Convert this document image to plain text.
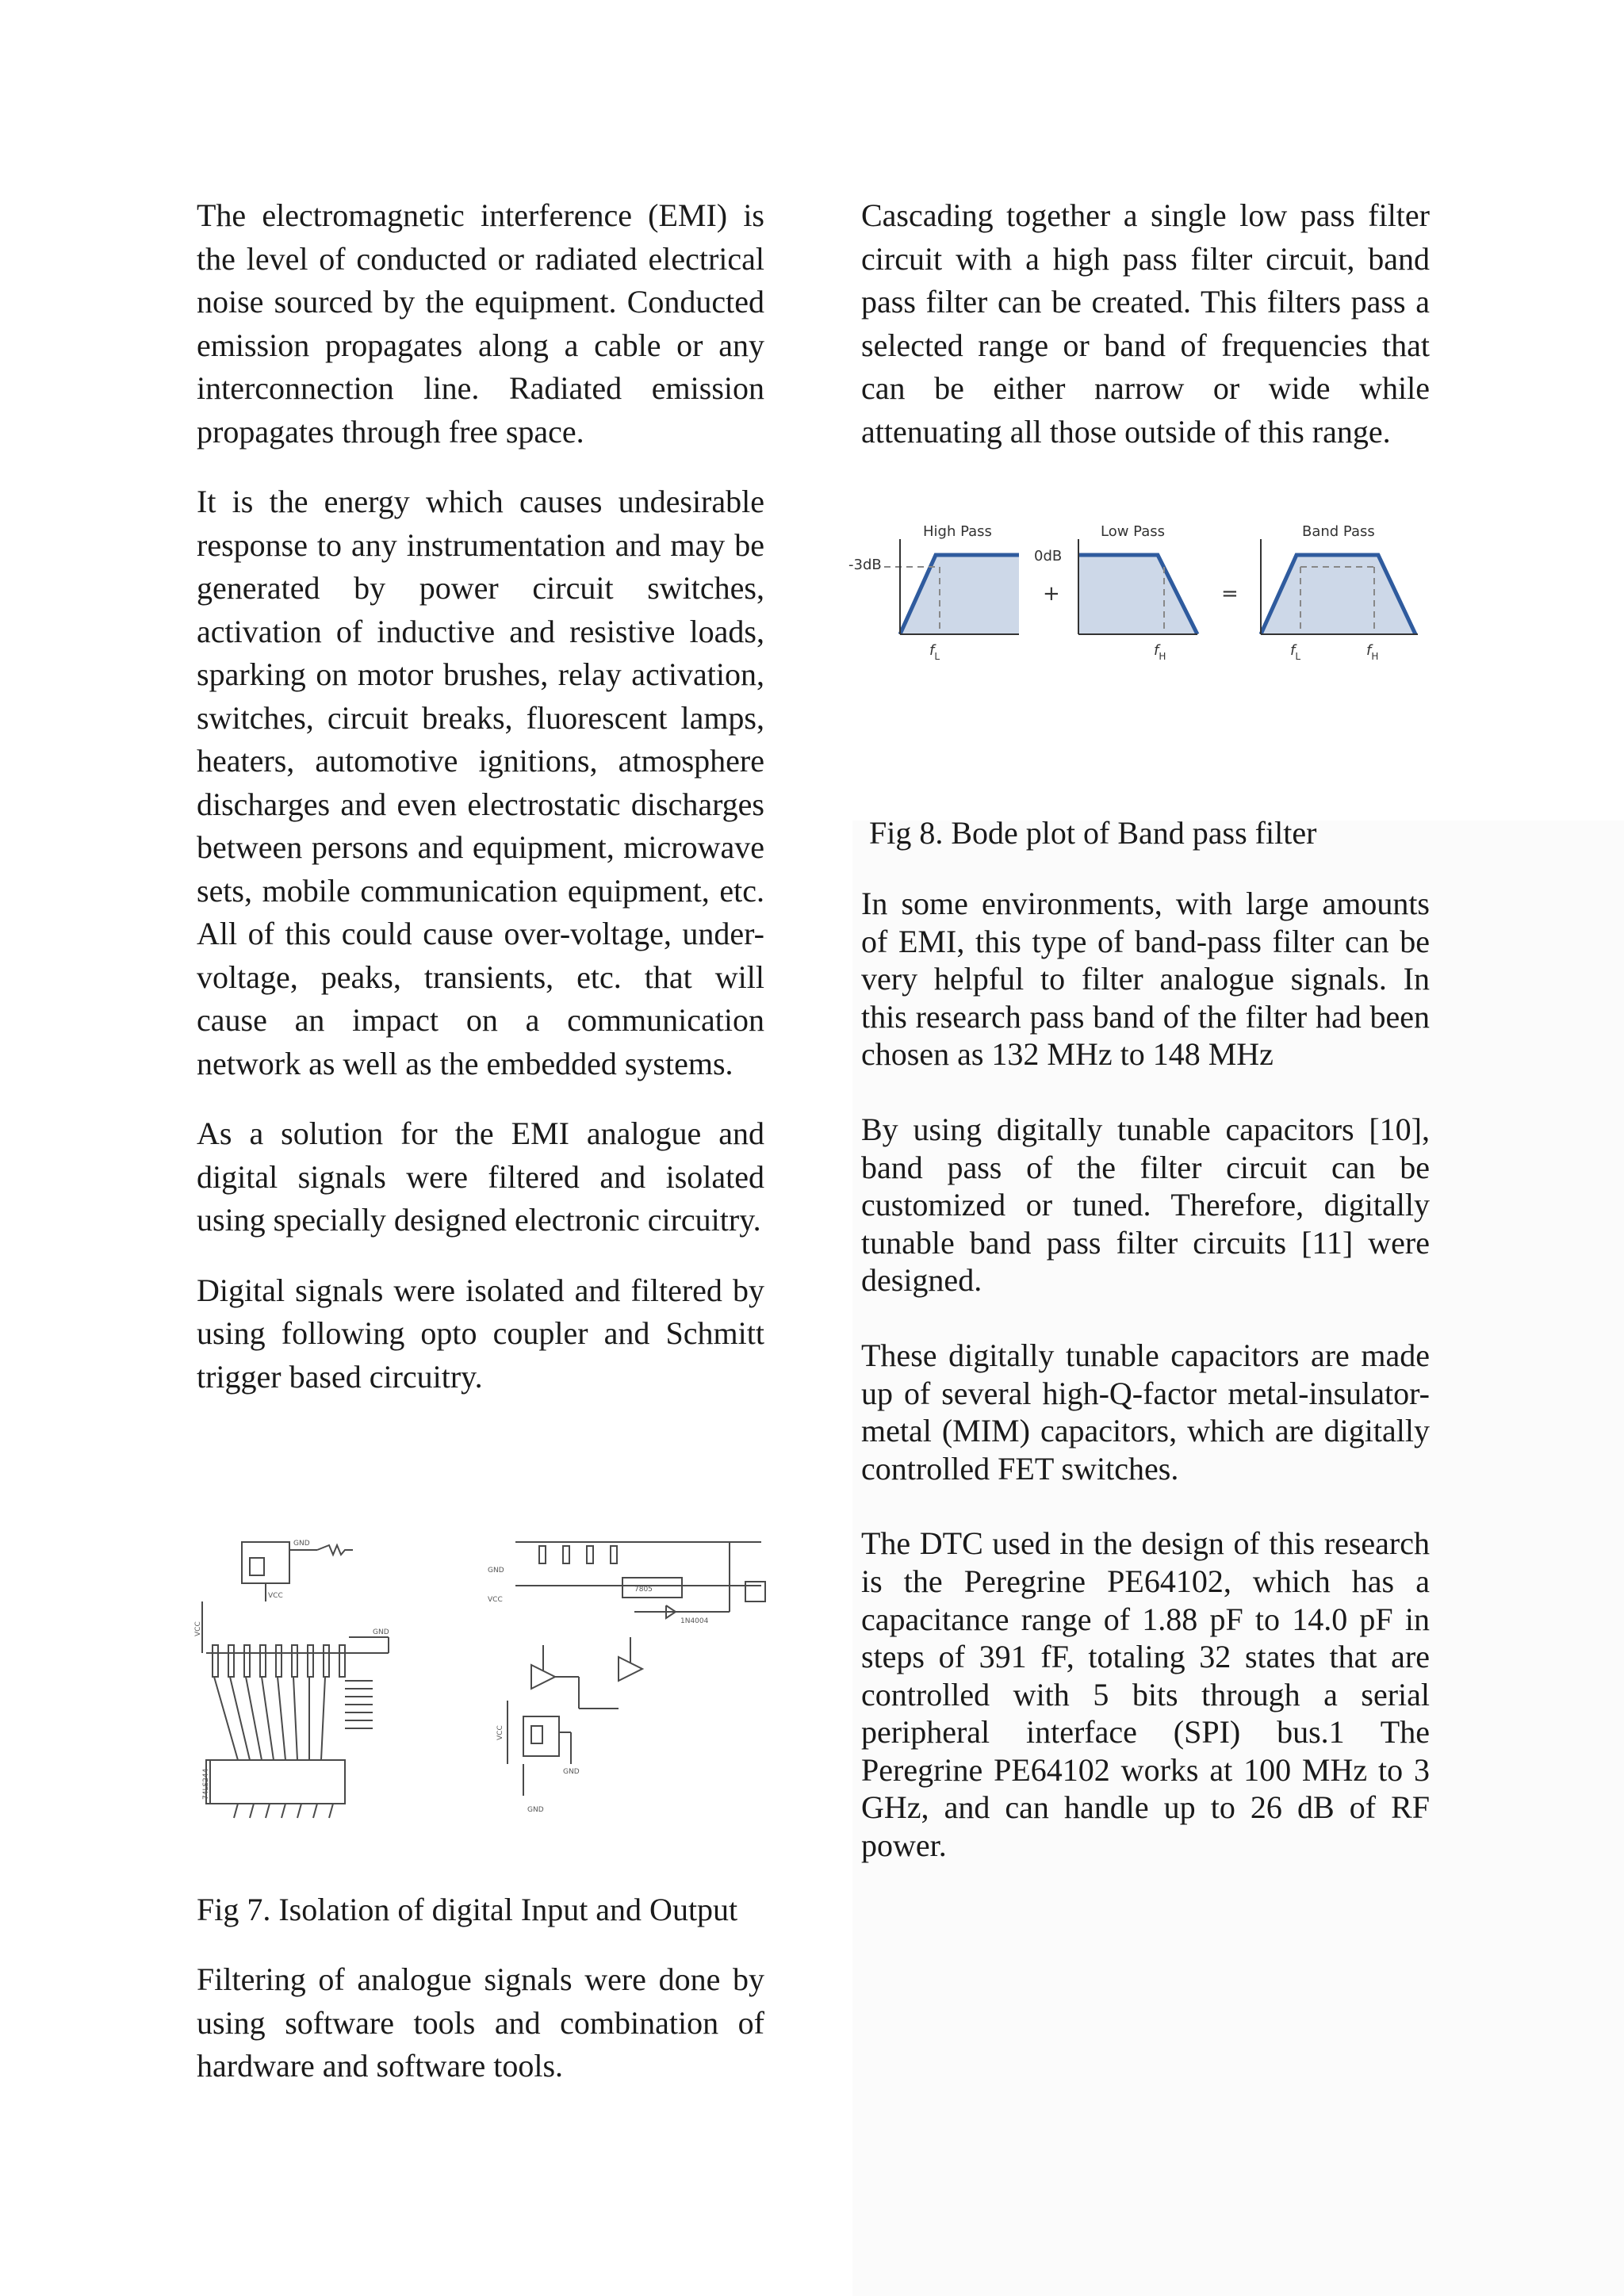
The electromagnetic interference (EMI) is the level of conducted or radiated electrical noise sourced by the equipment. Conducted emission propagates along a cable or any interconnection line. Radiated emission propagates through free space.

It is the energy which causes undesirable response to any instrumentation and may be generated by power circuit switches, activation of inductive and resistive loads, sparking on motor brushes, relay activation, switches, circuit breaks, fluorescent lamps, heaters, automotive ignitions, atmosphere discharges and even electrostatic discharges between persons and equipment, microwave sets, mobile communication equipment, etc. All of this could cause over-voltage, under-voltage, peaks, transients, etc. that will cause an impact on a communication network as well as the embedded systems.

As a solution for the EMI analogue and digital signals were filtered and isolated using specially designed electronic circuitry.

Digital signals were isolated and filtered by using following opto coupler and Schmitt trigger based circuitry.

GND
VCC
VCC	GND
74LS244
7805
1N4004
GND
VCC
VCC
GND
GND

Fig 7. Isolation of digital Input and Output

Filtering of analogue signals were done by using software tools and combination of hardware and software tools.

Cascading together a single low pass filter circuit with a high pass filter circuit, band pass filter can be created. This filters pass a selected range or band of frequencies that can be either narrow or wide while attenuating all those outside of this range.

High Pass
-3dB
$f_L$
+
Low Pass
0dB
$f_H$
=
Band Pass
$f_L$	$f_H$

Fig 8. Bode plot of Band pass filter

In some environments, with large amounts of EMI, this type of band-pass filter can be very helpful to filter analogue signals. In this research pass band of the filter had been chosen as 132 MHz to 148 MHz

By using digitally tunable capacitors [10], band pass of the filter circuit can be customized or tuned. Therefore, digitally tunable band pass filter circuits [11] were designed.

These digitally tunable capacitors are made up of several high-Q-factor metal-insulator-metal (MIM) capacitors, which are digitally controlled FET switches.

The DTC used in the design of this research is the Peregrine PE64102, which has a capacitance range of 1.88 pF to 14.0 pF in steps of 391 fF, totaling 32 states that are controlled with 5 bits through a serial peripheral interface (SPI) bus.1 The Peregrine PE64102 works at 100 MHz to 3 GHz, and can handle up to 26 dB of RF power.
